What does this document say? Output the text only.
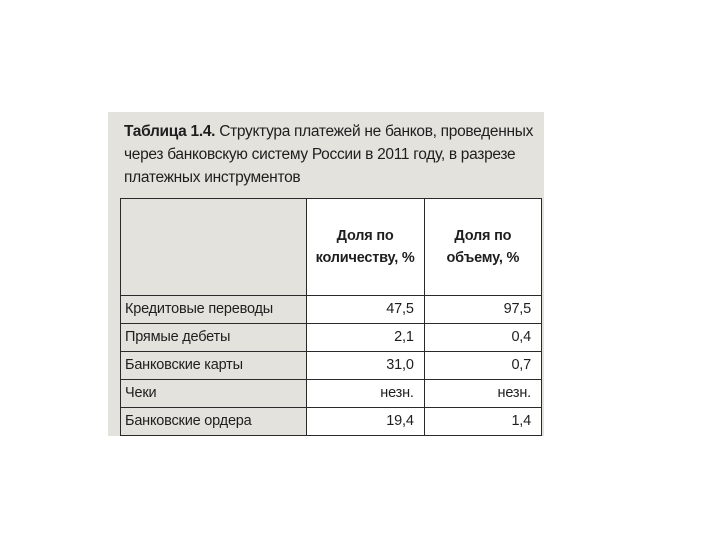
Таблица 1.4. Структура платежей не банков, проведенных через банковскую систему России в 2011 году, в разрезе платежных инструментов
	Доля по количеству, %	Доля по объему, %
Кредитовые переводы	47,5	97,5
Прямые дебеты	2,1	0,4
Банковские карты	31,0	0,7
Чеки	незн.	незн.
Банковские ордера	19,4	1,4
